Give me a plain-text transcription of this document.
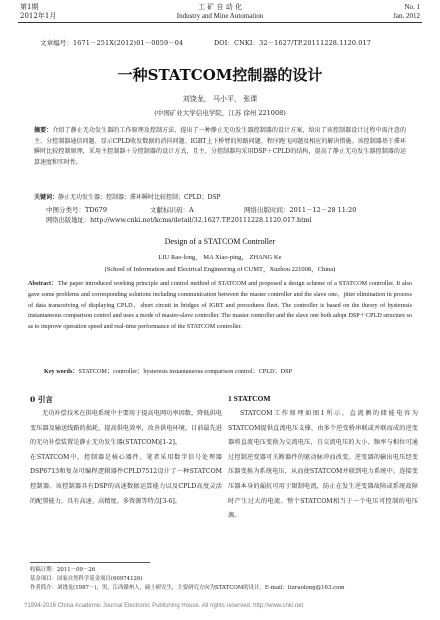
第1期
2012年1月
工 矿 自 动 化
Industry and Mine Automation
No. 1
Jan. 2012
文章编号：1671－251X(2012)01－0059－04	DOI：CNKI：32－1627/TP.20111228.1120.017
一种STATCOM控制器的设计
刘饶龙， 马小平， 张课
(中国矿业大学信电学院，江苏 徐州 221008)
摘要：介绍了静止无功发生器的工作原理及控制方法，提出了一种静止无功发生器控制器的设计方案，给出了该控制器设计过程中需注意的主、分控制器通信问题、显示CPLD收发数据的消抖问题、IGBT上下桥臂的短路问题、程序跑飞问题及相应的解决措施。该控制器基于滞环瞬时比较控制原理，采用主控制器＋分控制器的设计方式，且主、分控制器均采用DSP＋CPLD的结构，提高了静止无功发生器控制器的运算速度和实时性。
关键词：静止无功发生器；控制器；滞环瞬时比较控制；CPLD；DSP
中图分类号：TD679	文献标识码：A	网络出版时间：2011－12－28 11:20
网络出版地址：http://www.cnki.net/kcms/detail/32.1627.TP.20111228.1120.017.html
Design of a STATCOM Controller
LIU Rao-long， MA Xiao-ping， ZHANG Ke
(School of Information and Electrical Engineering of CUMT，Xuzhou 221008，China)
Abstract：The paper introduced working principle and control method of STATCOM and proposed a design scheme of a STATCOM controller. It also gave some problems and corresponding solutions including communication between the master controller and the slave one，jitter elimination in process of data transceiving of displaying CPLD，short circuit in bridges of IGBT and procedures fleet. The controller is based on the theory of hysteresis instantaneous comparison control and uses a mode of master-slave controller. The master controller and the slave one both adopt DSP＋CPLD structure so as to improve operation speed and real-time performance of the STATCOM controller.
Key words：STATCOM；controller；hysteresis instantaneous comparison control；CPLD；DSP
0 引言	1 STATCOM
无功补偿技术在供电系统中主要用于提高电网功率因数，降低供电变压器及输送线路的损耗，提高供电效率，改善供电环境。目前最先进的无功补偿装置是静止无功发生器(STATCOM)[1-2]。
在STATCOM中，控制器是核心器件。笔者采用数字信号处理器DSP6713和复杂可编程逻辑器件CPLD7512设计了一种STATCOM控制器。该控制器具有DSP的高速数据运算能力以及CPLD高度灵活的配置能力，具有高速、高精度、多资源等特点[3-6]。
STATCOM工作原理如图1所示。直流侧的储能电容为STATCOM提供直流电压支撑，由多个逆变桥串联或并联而成的逆变器将直流电压变换为交流电压，且交流电压的大小、频率与相位可通过控制逆变器可关断器件的驱动脉冲而改变。逆变器的输出电压经变压器变换为系统电压，从而使STATCOM并联到电力系统中。连接变压器本身的漏抗可用于限制电流，防止在发生逆变器故障或系统故障时产生过大的电流。整个STATCOM相当于一个电压可控制的电压源。
收稿日期：2011－09－26
基金项目：国家自然科学基金项目(60974126)
作者简介：刘饶龙(1987－)，男，江西赣州人，硕士研究生，主要研究方向为STATCOM的设计。E-mail：liuraolong@163.com
?1994-2016 China Academic Journal Electronic Publishing House. All rights reserved. http://www.cnki.net
